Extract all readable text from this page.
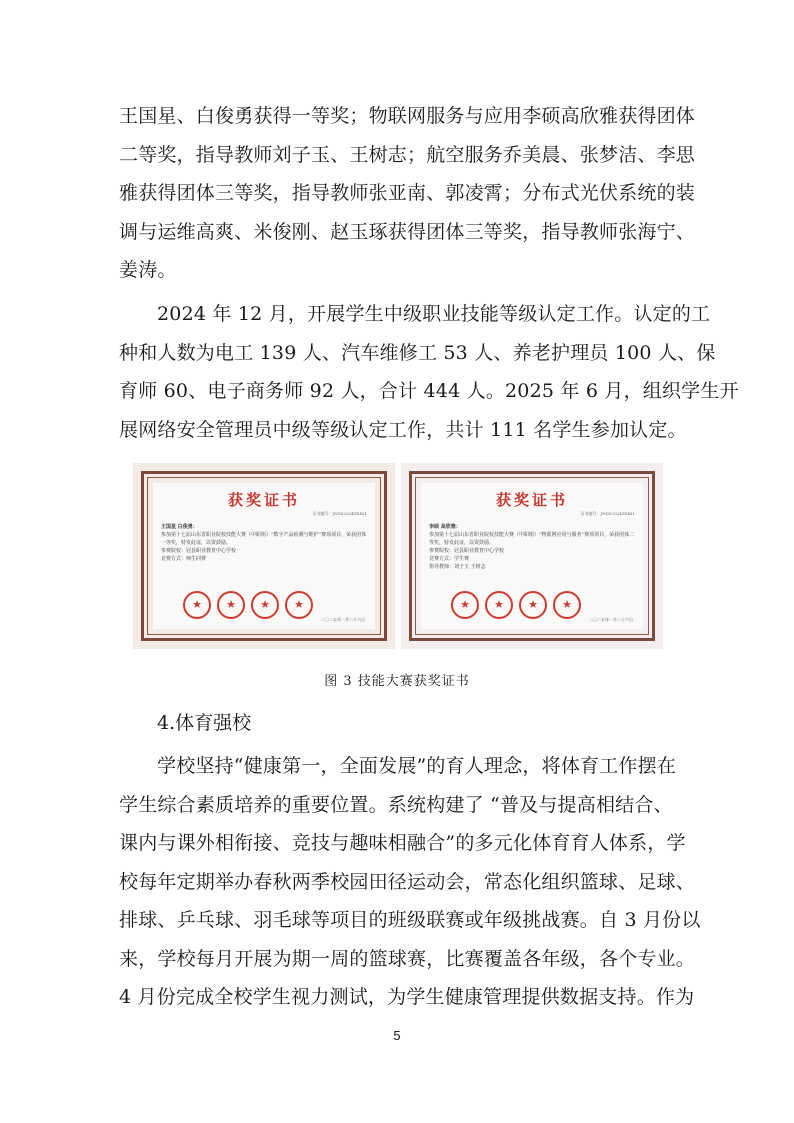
王国星、白俊勇获得一等奖；物联网服务与应用李硕高欣雅获得团体
二等奖，指导教师刘子玉、王树志；航空服务乔美晨、张梦洁、李思
雅获得团体三等奖，指导教师张亚南、郭凌霄；分布式光伏系统的装
调与运维高爽、米俊刚、赵玉琢获得团体三等奖，指导教师张海宁、
姜涛。
2024 年 12 月，开展学生中级职业技能等级认定工作。认定的工
种和人数为电工 139 人、汽车维修工 53 人、养老护理员 100 人、保
育师 60、电子商务师 92 人，合计 444 人。2025 年 6 月，组织学生开
展网络安全管理员中级等级认定工作，共计 111 名学生参加认定。
获奖证书
证书编号：JNDS2024ZX461
王国星 白俊勇：
参加第十七届山东省职业院校技能大赛（中职组）“数字产品检测与维护”赛项项目，荣获团体一等奖，特发此证，以资鼓励。
参赛院校：冠县职业教育中心学校
竞赛方式：师生同赛
★	★	★	★
二〇二五年一月二十六日
获奖证书
证书编号：JNDS2024ZX481
李硕 高欣雅：
参加第十七届山东省职业院校技能大赛（中职组）“物联网应用与服务”赛项项目，荣获团体二等奖，特发此证，以资鼓励。
参赛院校：冠县职业教育中心学校
竞赛方式：学生赛
指导教师：刘子玉 王树志
★	★	★	★
二〇二五年一月二十六日

图 3 技能大赛获奖证书

4.体育强校

学校坚持“健康第一，全面发展”的育人理念，将体育工作摆在
学生综合素质培养的重要位置。系统构建了 “普及与提高相结合、
课内与课外相衔接、竞技与趣味相融合”的多元化体育育人体系，学
校每年定期举办春秋两季校园田径运动会，常态化组织篮球、足球、
排球、乒乓球、羽毛球等项目的班级联赛或年级挑战赛。自 3 月份以
来，学校每月开展为期一周的篮球赛，比赛覆盖各年级，各个专业。
4 月份完成全校学生视力测试，为学生健康管理提供数据支持。作为

5
